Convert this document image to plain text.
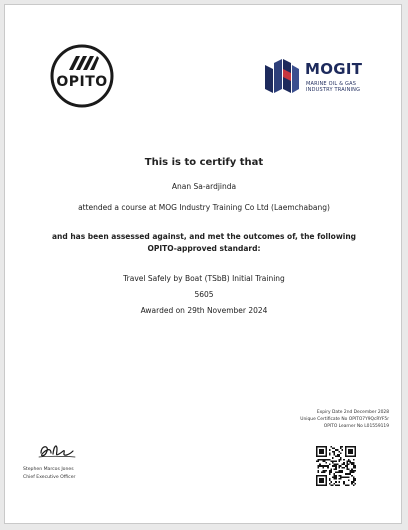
OPITO
MOGIT
MARINE OIL & GAS
INDUSTRY TRAINING
This is to certify that
Anan Sa-ardjinda
attended a course at MOG Industry Training Co Ltd (Laemchabang)
and has been assessed against, and met the outcomes of, the following
OPITO-approved standard:
Travel Safely by Boat (TSbB) Initial Training
5605
Awarded on 29th November 2024
Expiry Date 2nd December 2028
Unique Certificate No OPITO7Y9QcRYF5r
OPITO Learner No L01559119
Stephen Marcos Jones
Chief Executive Officer
